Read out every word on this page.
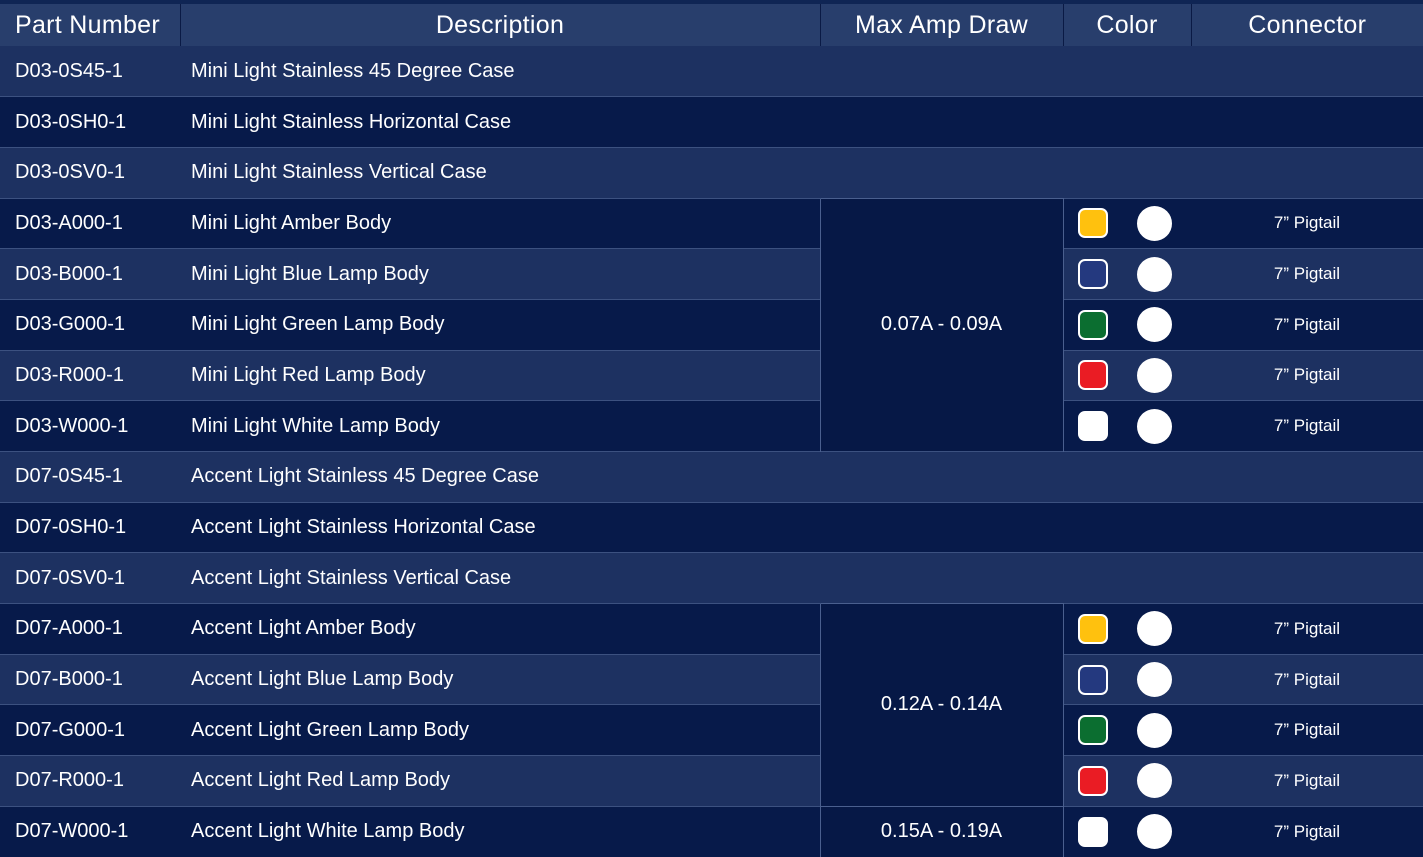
Part Number	Description	Max Amp Draw	Color	Connector
D03-0S45-1	Mini Light Stainless 45 Degree Case			
D03-0SH0-1	Mini Light Stainless Horizontal Case			
D03-0SV0-1	Mini Light Stainless Vertical Case			
D03-A000-1	Mini Light Amber Body	0.07A - 0.09A		7” Pigtail
D03-B000-1	Mini Light Blue Lamp Body			7” Pigtail
D03-G000-1	Mini Light Green Lamp Body			7” Pigtail
D03-R000-1	Mini Light Red Lamp Body			7” Pigtail
D03-W000-1	Mini Light White Lamp Body			7” Pigtail
D07-0S45-1	Accent Light Stainless 45 Degree Case			
D07-0SH0-1	Accent Light Stainless Horizontal Case			
D07-0SV0-1	Accent Light Stainless Vertical Case			
D07-A000-1	Accent Light Amber Body	0.12A - 0.14A		7” Pigtail
D07-B000-1	Accent Light Blue Lamp Body			7” Pigtail
D07-G000-1	Accent Light Green Lamp Body			7” Pigtail
D07-R000-1	Accent Light Red Lamp Body			7” Pigtail
D07-W000-1	Accent Light White Lamp Body	0.15A - 0.19A		7” Pigtail
